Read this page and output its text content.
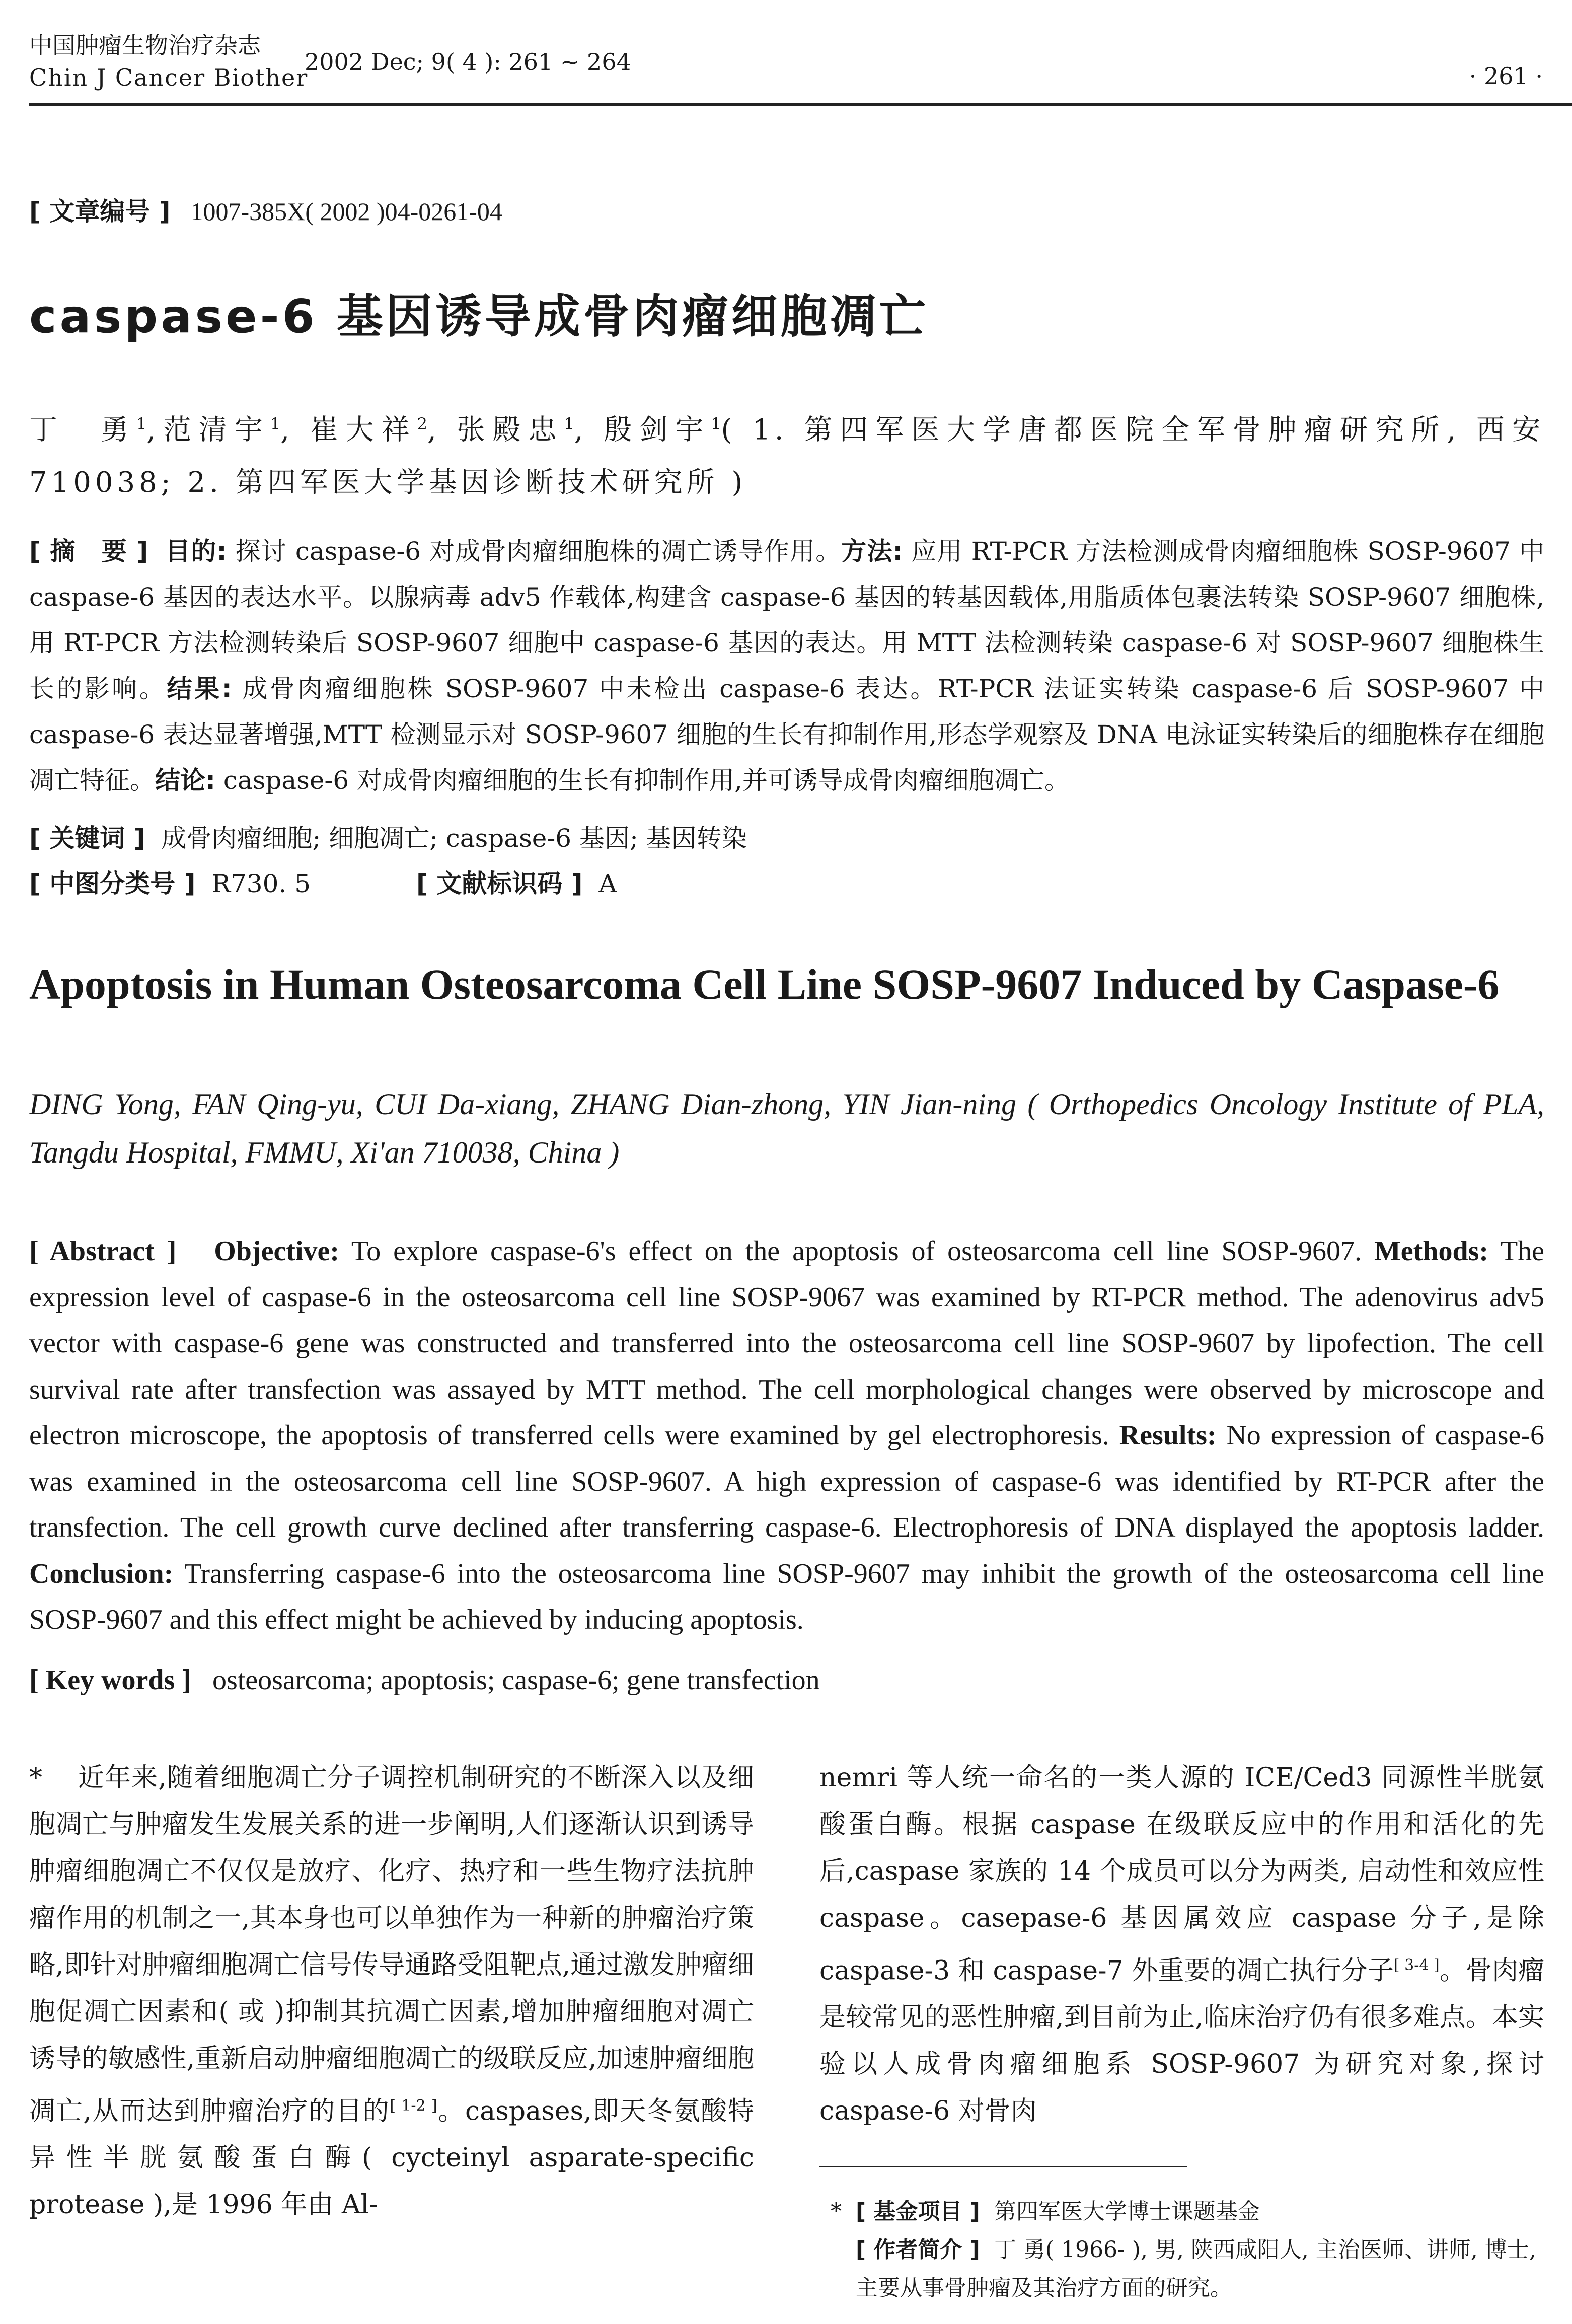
中国肿瘤生物治疗杂志
Chin J Cancer Biother
2002 Dec; 9( 4 ): 261 ~ 264
· 261 ·
[ 文章编号 ] 1007-385X( 2002 )04-0261-04
caspase-6 基因诱导成骨肉瘤细胞凋亡
丁　勇$^1$,范清宇$^1$, 崔大祥$^2$, 张殿忠$^1$, 殷剑宇$^1$( 1. 第四军医大学唐都医院全军骨肿瘤研究所, 西安 710038; 2. 第四军医大学基因诊断技术研究所 )
[ 摘　要 ] 目的: 探讨 caspase-6 对成骨肉瘤细胞株的凋亡诱导作用。方法: 应用 RT-PCR 方法检测成骨肉瘤细胞株 SOSP-9607 中 caspase-6 基因的表达水平。以腺病毒 adv5 作载体,构建含 caspase-6 基因的转基因载体,用脂质体包裹法转染 SOSP-9607 细胞株, 用 RT-PCR 方法检测转染后 SOSP-9607 细胞中 caspase-6 基因的表达。用 MTT 法检测转染 caspase-6 对 SOSP-9607 细胞株生长的影响。结果: 成骨肉瘤细胞株 SOSP-9607 中未检出 caspase-6 表达。RT-PCR 法证实转染 caspase-6 后 SOSP-9607 中 caspase-6 表达显著增强,MTT 检测显示对 SOSP-9607 细胞的生长有抑制作用,形态学观察及 DNA 电泳证实转染后的细胞株存在细胞凋亡特征。结论: caspase-6 对成骨肉瘤细胞的生长有抑制作用,并可诱导成骨肉瘤细胞凋亡。
[ 关键词 ] 成骨肉瘤细胞; 细胞凋亡; caspase-6 基因; 基因转染
[ 中图分类号 ] R730. 5	[ 文献标识码 ] A
Apoptosis in Human Osteosarcoma Cell Line SOSP-9607 Induced by Caspase-6
DING Yong, FAN Qing-yu, CUI Da-xiang, ZHANG Dian-zhong, YIN Jian-ning ( Orthopedics Oncology Institute of PLA, Tangdu Hospital, FMMU, Xi'an 710038, China )
[ Abstract ] Objective: To explore caspase-6's effect on the apoptosis of osteosarcoma cell line SOSP-9607. Methods: The expression level of caspase-6 in the osteosarcoma cell line SOSP-9067 was examined by RT-PCR method. The adenovirus adv5 vector with caspase-6 gene was constructed and transferred into the osteosarcoma cell line SOSP-9607 by lipofection. The cell survival rate after transfection was assayed by MTT method. The cell morphological changes were observed by microscope and electron microscope, the apoptosis of transferred cells were examined by gel electrophoresis. Results: No expression of caspase-6 was examined in the osteosarcoma cell line SOSP-9607. A high expression of caspase-6 was identified by RT-PCR after the transfection. The cell growth curve declined after transferring caspase-6. Electrophoresis of DNA displayed the apoptosis ladder. Conclusion: Transferring caspase-6 into the osteosarcoma line SOSP-9607 may inhibit the growth of the osteosarcoma cell line SOSP-9607 and this effect might be achieved by inducing apoptosis.
[ Key words ] osteosarcoma; apoptosis; caspase-6; gene transfection
* 近年来,随着细胞凋亡分子调控机制研究的不断深入以及细胞凋亡与肿瘤发生发展关系的进一步阐明,人们逐渐认识到诱导肿瘤细胞凋亡不仅仅是放疗、化疗、热疗和一些生物疗法抗肿瘤作用的机制之一,其本身也可以单独作为一种新的肿瘤治疗策略,即针对肿瘤细胞凋亡信号传导通路受阻靶点,通过激发肿瘤细胞促凋亡因素和( 或 )抑制其抗凋亡因素,增加肿瘤细胞对凋亡诱导的敏感性,重新启动肿瘤细胞凋亡的级联反应,加速肿瘤细胞凋亡,从而达到肿瘤治疗的目的[ 1-2 ]。caspases,即天冬氨酸特异性半胱氨酸蛋白酶( cycteinyl asparate-specific protease ),是 1996 年由 Al-
nemri 等人统一命名的一类人源的 ICE/Ced3 同源性半胱氨酸蛋白酶。根据 caspase 在级联反应中的作用和活化的先后,caspase 家族的 14 个成员可以分为两类, 启动性和效应性 caspase。casepase-6 基因属效应 caspase 分子,是除 caspase-3 和 caspase-7 外重要的凋亡执行分子[ 3-4 ]。骨肉瘤是较常见的恶性肿瘤,到目前为止,临床治疗仍有很多难点。本实验以人成骨肉瘤细胞系 SOSP-9607 为研究对象,探讨 caspase-6 对骨肉
* [ 基金项目 ] 第四军医大学博士课题基金
[ 作者简介 ] 丁 勇( 1966- ), 男, 陕西咸阳人, 主治医师、讲师, 博士, 主要从事骨肿瘤及其治疗方面的研究。
